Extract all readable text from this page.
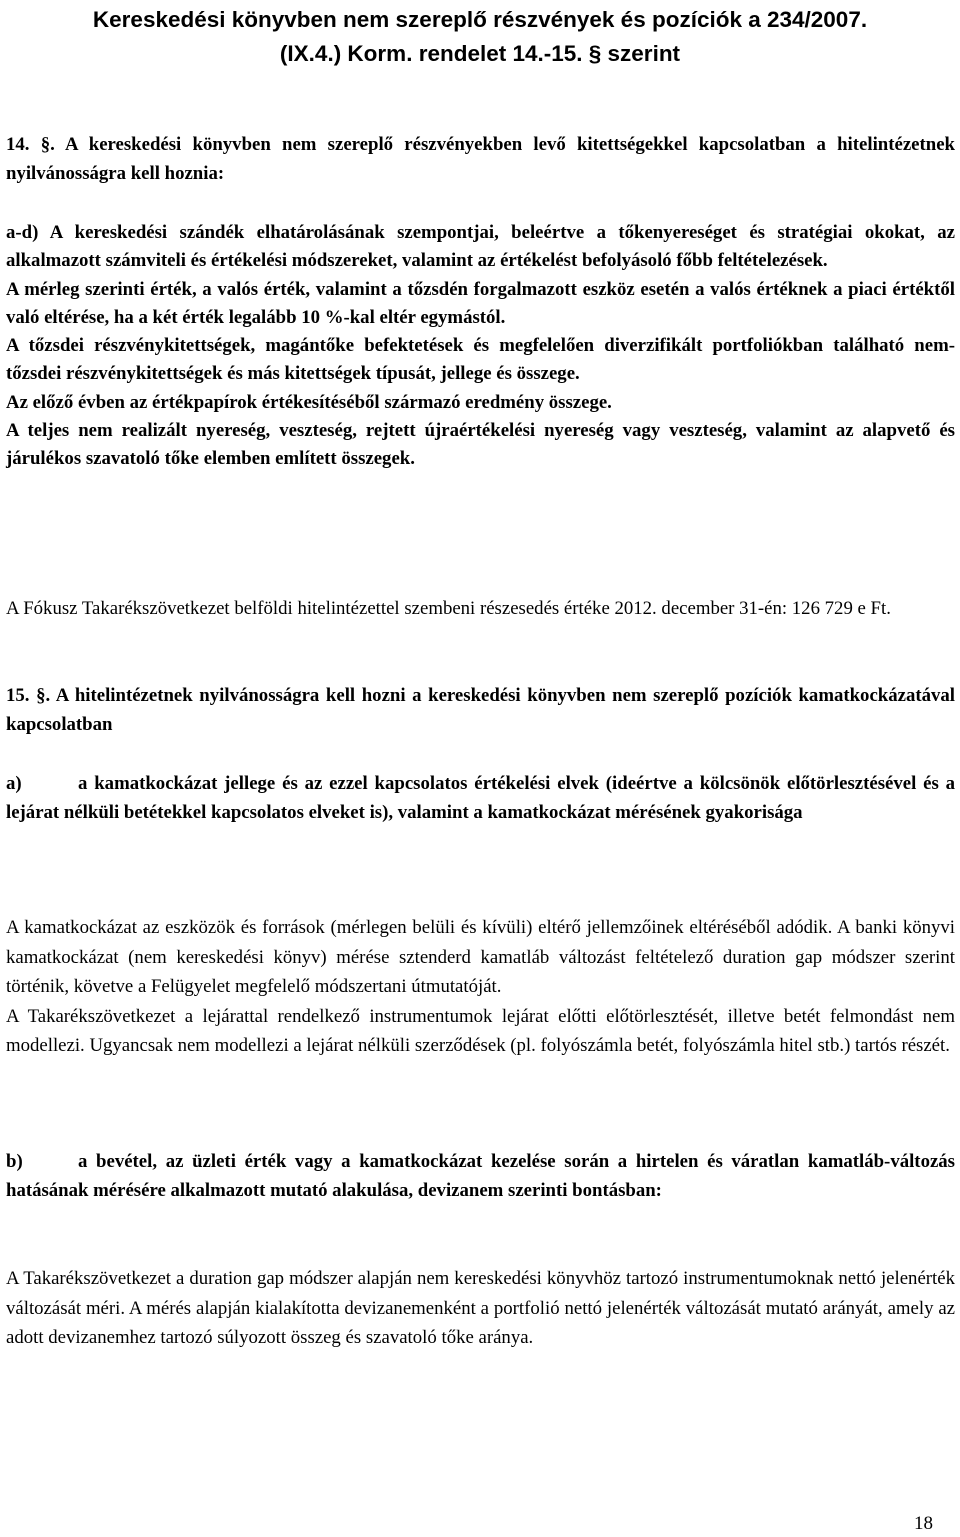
Kereskedési könyvben nem szereplő részvények és pozíciók a 234/2007.
(IX.4.) Korm. rendelet 14.-15. § szerint

14. §. A kereskedési könyvben nem szereplő részvényekben levő kitettségekkel kapcsolatban a hitelintézetnek nyilvánosságra kell hoznia:

a-d) A kereskedési szándék elhatárolásának szempontjai, beleértve a tőkenyereséget és stratégiai okokat, az alkalmazott számviteli és értékelési módszereket, valamint az értékelést befolyásoló főbb feltételezések.

A mérleg szerinti érték, a valós érték, valamint a tőzsdén forgalmazott eszköz esetén a valós értéknek a piaci értéktől való eltérése, ha a két érték legalább 10 %-kal eltér egymástól.

A tőzsdei részvénykitettségek, magántőke befektetések és megfelelően diverzifikált portfoliókban található nem-tőzsdei részvénykitettségek és más kitettségek típusát, jellege és összege.

Az előző évben az értékpapírok értékesítéséből származó eredmény összege.

A teljes nem realizált nyereség, veszteség, rejtett újraértékelési nyereség vagy veszteség, valamint az alapvető és járulékos szavatoló tőke elemben említett összegek.

A Fókusz Takarékszövetkezet belföldi hitelintézettel szembeni részesedés értéke 2012. december 31-én: 126 729 e Ft.

15. §. A hitelintézetnek nyilvánosságra kell hozni a kereskedési könyvben nem szereplő pozíciók kamatkockázatával kapcsolatban

a)	a kamatkockázat jellege és az ezzel kapcsolatos értékelési elvek (ideértve a kölcsönök előtörlesztésével és a lejárat nélküli betétekkel kapcsolatos elveket is), valamint a kamatkockázat mérésének gyakorisága

A kamatkockázat az eszközök és források (mérlegen belüli és kívüli) eltérő jellemzőinek eltéréséből adódik. A banki könyvi kamatkockázat (nem kereskedési könyv) mérése sztenderd kamatláb változást feltételező duration gap módszer szerint történik, követve a Felügyelet megfelelő módszertani útmutatóját.

A Takarékszövetkezet a lejárattal rendelkező instrumentumok lejárat előtti előtörlesztését, illetve betét felmondást nem modellezi. Ugyancsak nem modellezi a lejárat nélküli szerződések (pl. folyószámla betét, folyószámla hitel stb.) tartós részét.

b)	a bevétel, az üzleti érték vagy a kamatkockázat kezelése során a hirtelen és váratlan kamatláb-változás hatásának mérésére alkalmazott mutató alakulása, devizanem szerinti bontásban:

A Takarékszövetkezet a duration gap módszer alapján nem kereskedési könyvhöz tartozó instrumentumoknak nettó jelenérték változását méri. A mérés alapján kialakította devizanemenként a portfolió nettó jelenérték változását mutató arányát, amely az adott devizanemhez tartozó súlyozott összeg és szavatoló tőke aránya.

18
